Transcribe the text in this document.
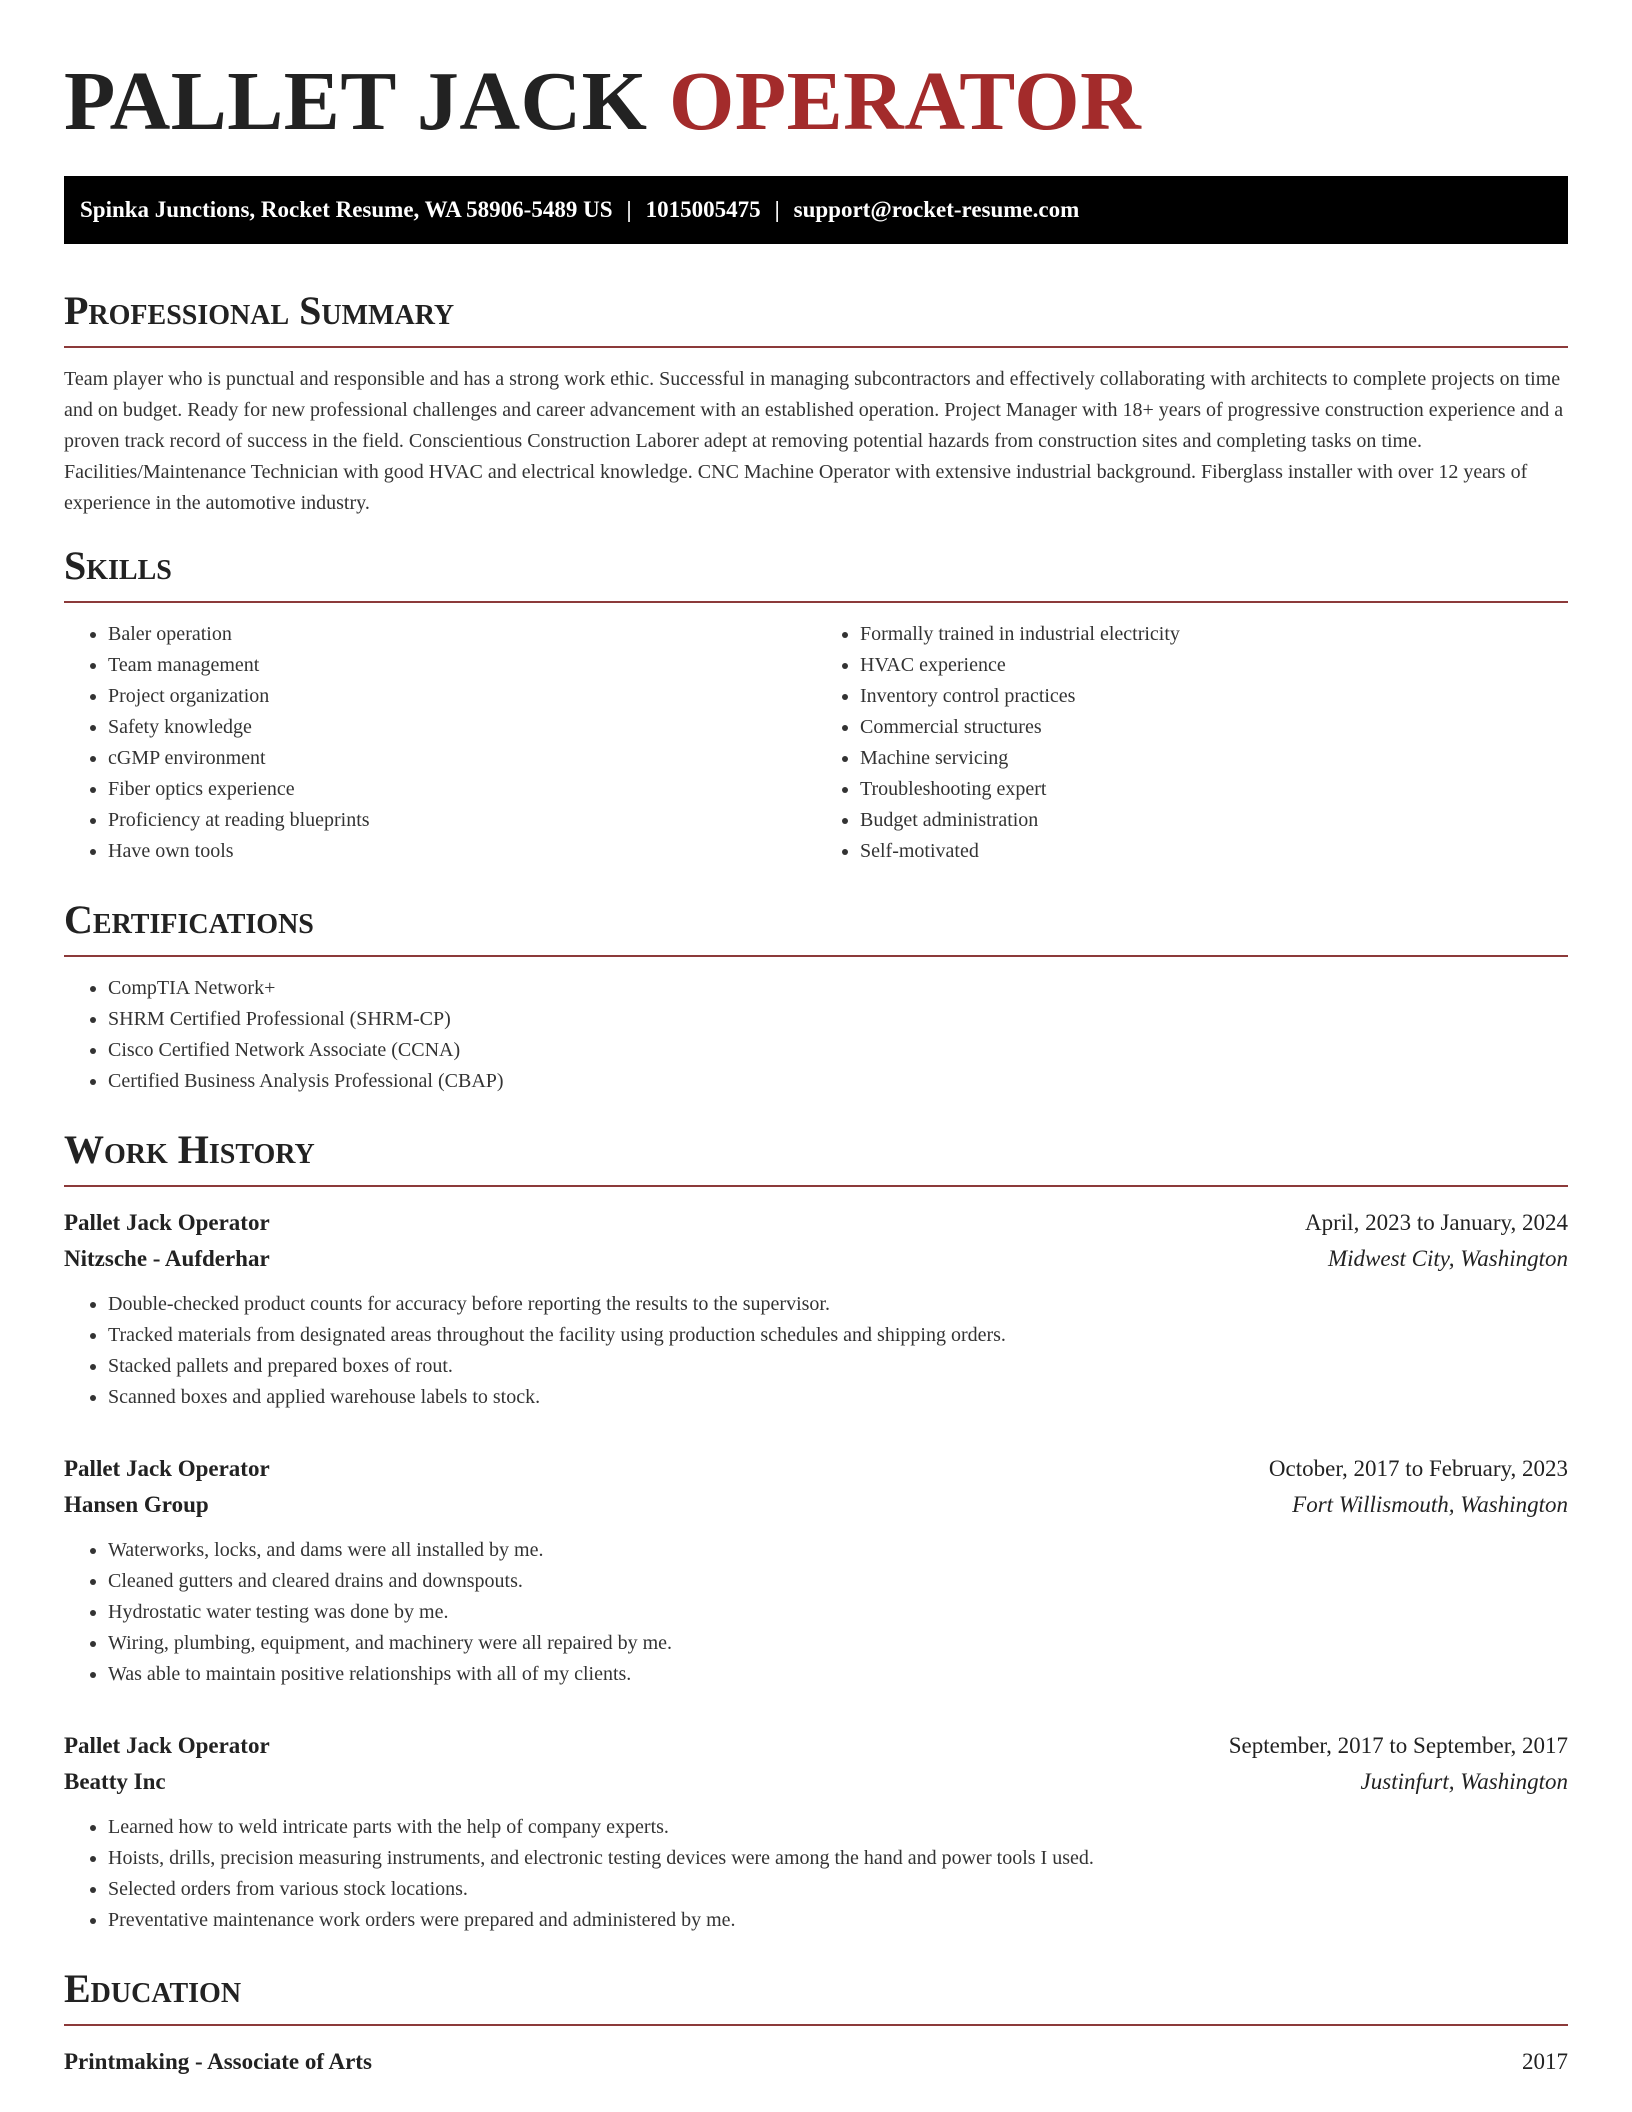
PALLET JACK OPERATOR
Spinka Junctions, Rocket Resume, WA 58906-5489 US | 1015005475 | support@rocket-resume.com
Professional Summary

Team player who is punctual and responsible and has a strong work ethic. Successful in managing subcontractors and effectively collaborating with architects to complete projects on time and on budget. Ready for new professional challenges and career advancement with an established operation. Project Manager with 18+ years of progressive construction experience and a proven track record of success in the field. Conscientious Construction Laborer adept at removing potential hazards from construction sites and completing tasks on time. Facilities/Maintenance Technician with good HVAC and electrical knowledge. CNC Machine Operator with extensive industrial background. Fiberglass installer with over 12 years of experience in the automotive industry.

Skills
• Baler operation
• Team management
• Project organization
• Safety knowledge
• cGMP environment
• Fiber optics experience
• Proficiency at reading blueprints
• Have own tools
• Formally trained in industrial electricity
• HVAC experience
• Inventory control practices
• Commercial structures
• Machine servicing
• Troubleshooting expert
• Budget administration
• Self-motivated
Certifications
• CompTIA Network+
• SHRM Certified Professional (SHRM-CP)
• Cisco Certified Network Associate (CCNA)
• Certified Business Analysis Professional (CBAP)
Work History
Pallet Jack Operator	April, 2023 to January, 2024
Nitzsche - Aufderhar	Midwest City, Washington
• Double-checked product counts for accuracy before reporting the results to the supervisor.
• Tracked materials from designated areas throughout the facility using production schedules and shipping orders.
• Stacked pallets and prepared boxes of rout.
• Scanned boxes and applied warehouse labels to stock.
Pallet Jack Operator	October, 2017 to February, 2023
Hansen Group	Fort Willismouth, Washington
• Waterworks, locks, and dams were all installed by me.
• Cleaned gutters and cleared drains and downspouts.
• Hydrostatic water testing was done by me.
• Wiring, plumbing, equipment, and machinery were all repaired by me.
• Was able to maintain positive relationships with all of my clients.
Pallet Jack Operator	September, 2017 to September, 2017
Beatty Inc	Justinfurt, Washington
• Learned how to weld intricate parts with the help of company experts.
• Hoists, drills, precision measuring instruments, and electronic testing devices were among the hand and power tools I used.
• Selected orders from various stock locations.
• Preventative maintenance work orders were prepared and administered by me.
Education
Printmaking - Associate of Arts	2017
